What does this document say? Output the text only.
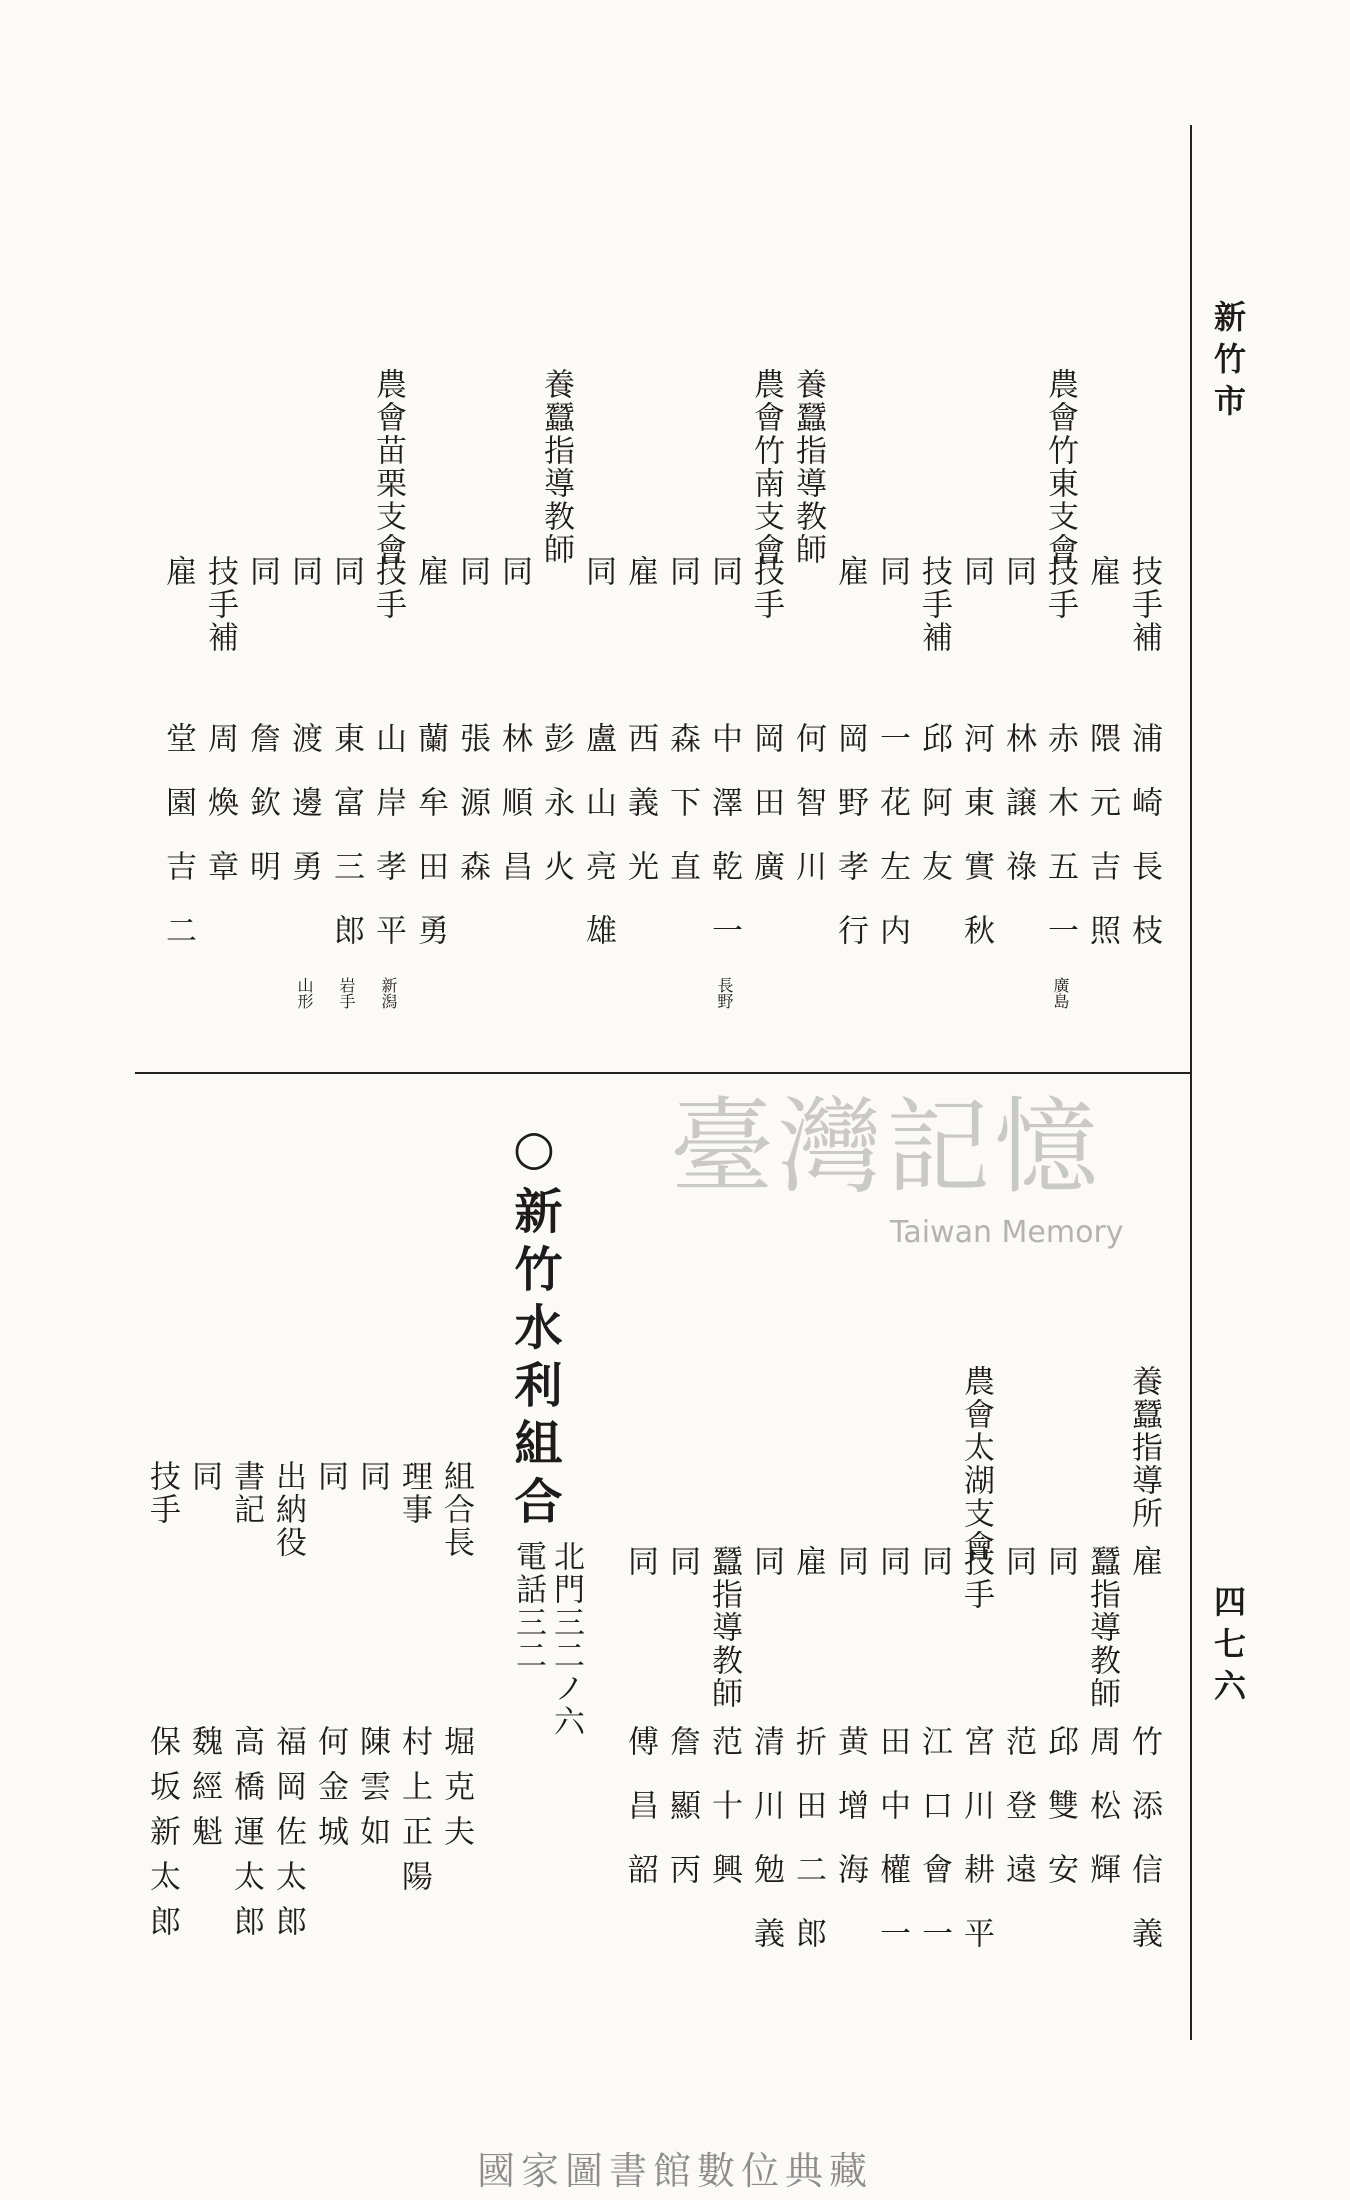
新竹市
四七六
技手補
浦崎長枝
雇
隈元吉照
農會竹東支會
技手
赤木五一
廣島
同
林譲祿
同
河東實秋
技手補
邱阿友
同
一花左内
雇
岡野孝行
養蠶指導教師
何智川
農會竹南支會
技手
岡田廣
同
中澤乾一
長野
同
森下直
雇
西義光
同
盧山亮雄
養蠶指導教師
彭永火
同
林順昌
同
張源森
雇
蘭牟田勇
農會苗栗支會
技手
山岸孝平
新潟
同
東富三郎
岩手
同
渡邊勇
山形
同
詹欽明
技手補
周煥章
雇
堂園吉二
養蠶指導所
雇
竹添信義
蠶指導教師
周松輝
同
邱雙安
同
范登遠
農會太湖支會
技手
宮川耕平
同
江口會一
同
田中權一
同
黄增海
雇
折田二郎
同
清川勉義
蠶指導教師
范十興
同
詹顯丙
同
傅昌韶
○新竹水利組合
北門三二ノ六
電話三二
組合長
堀克夫
理事
村上正陽
同
陳雲如
同
何金城
出納役
福岡佐太郎
書記
高橋運太郎
同
魏經魁
技手
保坂新太郎
臺灣記憶
Taiwan Memory
國家圖書館數位典藏
